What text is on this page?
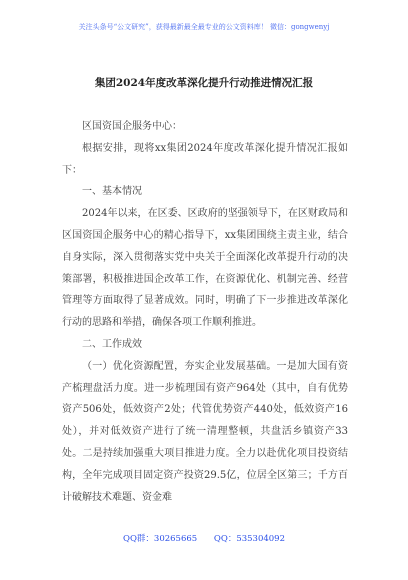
关注头条号“公文研究”，获得最新最全最专业的公文资料库！ 微信：gongwenyj
集团2024年度改革深化提升行动推进情况汇报

区国资国企服务中心：

根据安排，现将xx集团2024年度改革深化提升情况汇报如下：

一、基本情况

2024年以来，在区委、区政府的坚强领导下，在区财政局和区国资国企服务中心的精心指导下，xx集团围绕主责主业，结合自身实际，深入贯彻落实党中央关于全面深化改革提升行动的决策部署，积极推进国企改革工作，在资源优化、机制完善、经营管理等方面取得了显著成效。同时，明确了下一步推进改革深化行动的思路和举措，确保各项工作顺利推进。

二、工作成效

（一）优化资源配置，夯实企业发展基础。一是加大国有资产梳理盘活力度。进一步梳理国有资产964处（其中，自有优势资产506处，低效资产2处；代管优势资产440处，低效资产16处），并对低效资产进行了统一清理整顿，共盘活乡镇资产33处。二是持续加强重大项目推进力度。全力以赴优化项目投资结构，全年完成项目固定资产投资29.5亿，位居全区第三；千方百计破解技术难题、资金难

QQ群：30265665 QQ：535304092
